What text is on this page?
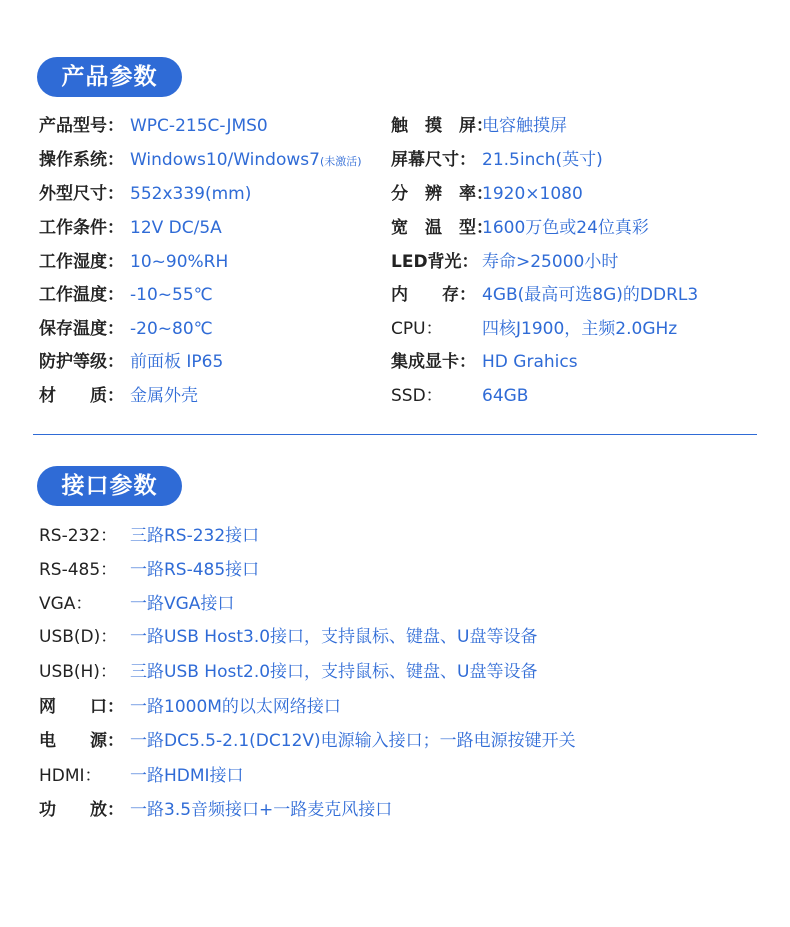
产品参数
产品型号： WPC-215C-JMS0
操作系统： Windows10/Windows7(未激活)
外型尺寸： 552x339(mm)
工作条件： 12V DC/5A
工作湿度： 10~90%RH
工作温度： -10~55℃
保存温度： -20~80℃
防护等级： 前面板 IP65
材　　质： 金属外壳
触　摸　屏：
电容触摸屏
屏幕尺寸： 21.5inch(英寸)
分　辨　率：
1920×1080
宽　温　型：
1600万色或24位真彩
LED背光： 寿命>25000小时
内　　存： 4GB(最高可选8G)的DDRL3
CPU： 四核J1900，主频2.0GHz
集成显卡： HD Grahics
SSD： 64GB
接口参数
RS-232： 三路RS-232接口
RS-485： 一路RS-485接口
VGA： 一路VGA接口
USB(D)： 一路USB Host3.0接口，支持鼠标、键盘、U盘等设备
USB(H)： 三路USB Host2.0接口，支持鼠标、键盘、U盘等设备
网　　口： 一路1000M的以太网络接口
电　　源： 一路DC5.5-2.1(DC12V)电源输入接口；一路电源按键开关
HDMI： 一路HDMI接口
功　　放： 一路3.5音频接口+一路麦克风接口
